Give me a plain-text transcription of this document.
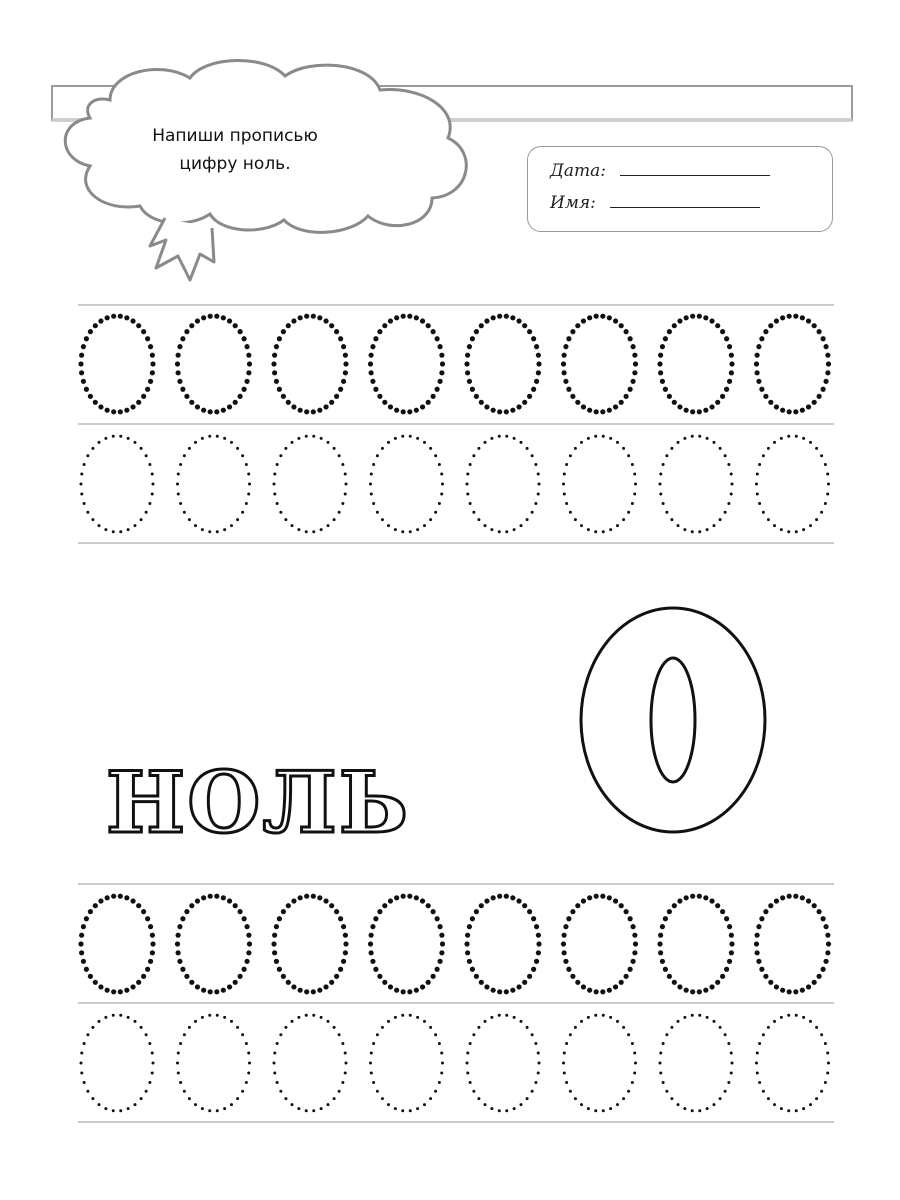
НОЛЬ
Напиши прописью
цифру ноль.	Дата:
Имя:
